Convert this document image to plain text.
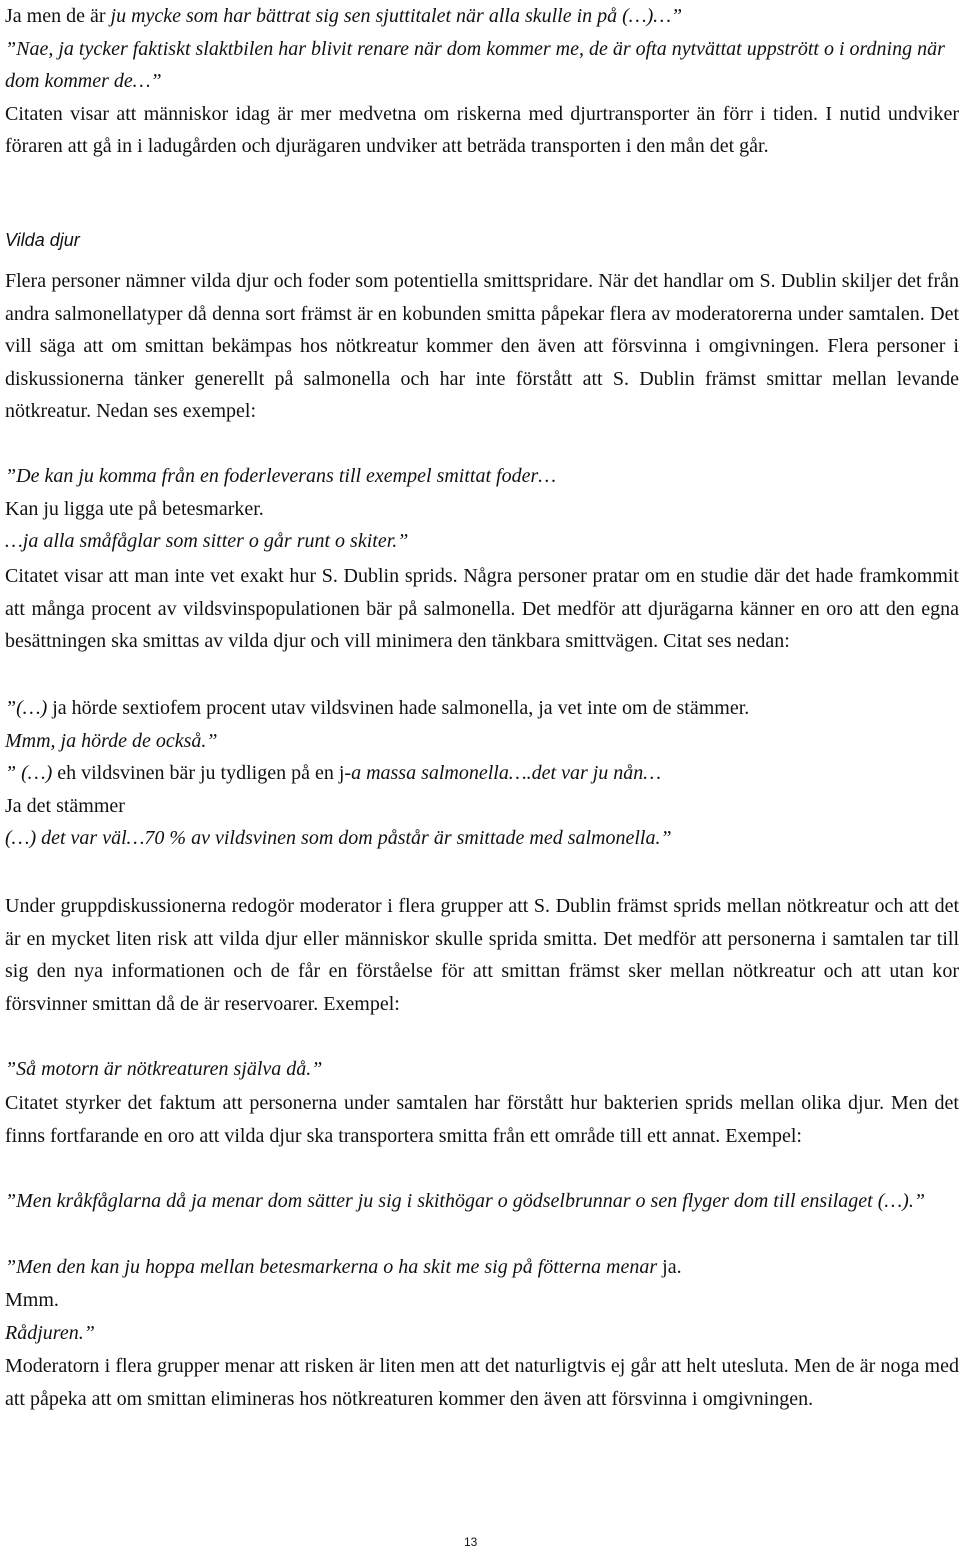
Ja men de är ju mycke som har bättrat sig sen sjuttitalet när alla skulle in på (…)…”

”Nae, ja tycker faktiskt slaktbilen har blivit renare när dom kommer me, de är ofta nytvättat uppstrött o i ordning när dom kommer de…”

Citaten visar att människor idag är mer medvetna om riskerna med djurtransporter än förr i tiden. I nutid undviker föraren att gå in i ladugården och djurägaren undviker att beträda transporten i den mån det går.

Vilda djur

Flera personer nämner vilda djur och foder som potentiella smittspridare. När det handlar om S. Dublin skiljer det från andra salmonellatyper då denna sort främst är en kobunden smitta påpekar flera av moderatorerna under samtalen. Det vill säga att om smittan bekämpas hos nötkreatur kommer den även att försvinna i omgivningen. Flera personer i diskussionerna tänker generellt på salmonella och har inte förstått att S. Dublin främst smittar mellan levande nötkreatur. Nedan ses exempel:

”De kan ju komma från en foderleverans till exempel smittat foder…

Kan ju ligga ute på betesmarker.

…ja alla småfåglar som sitter o går runt o skiter.”

Citatet visar att man inte vet exakt hur S. Dublin sprids. Några personer pratar om en studie där det hade framkommit att många procent av vildsvinspopulationen bär på salmonella. Det medför att djurägarna känner en oro att den egna besättningen ska smittas av vilda djur och vill minimera den tänkbara smittvägen. Citat ses nedan:

”(…) ja hörde sextiofem procent utav vildsvinen hade salmonella, ja vet inte om de stämmer.

Mmm, ja hörde de också.”

” (…) eh vildsvinen bär ju tydligen på en j-a massa salmonella….det var ju nån…

Ja det stämmer

(…) det var väl…70 % av vildsvinen som dom påstår är smittade med salmonella.”

Under gruppdiskussionerna redogör moderator i flera grupper att S. Dublin främst sprids mellan nötkreatur och att det är en mycket liten risk att vilda djur eller människor skulle sprida smitta. Det medför att personerna i samtalen tar till sig den nya informationen och de får en förståelse för att smittan främst sker mellan nötkreatur och att utan kor försvinner smittan då de är reservoarer. Exempel:

”Så motorn är nötkreaturen själva då.”

Citatet styrker det faktum att personerna under samtalen har förstått hur bakterien sprids mellan olika djur. Men det finns fortfarande en oro att vilda djur ska transportera smitta från ett område till ett annat. Exempel:

”Men kråkfåglarna då ja menar dom sätter ju sig i skithögar o gödselbrunnar o sen flyger dom till ensilaget (…).”

”Men den kan ju hoppa mellan betesmarkerna o ha skit me sig på fötterna menar ja.

Mmm.

Rådjuren.”

Moderatorn i flera grupper menar att risken är liten men att det naturligtvis ej går att helt utesluta. Men de är noga med att påpeka att om smittan elimineras hos nötkreaturen kommer den även att försvinna i omgivningen.

13
